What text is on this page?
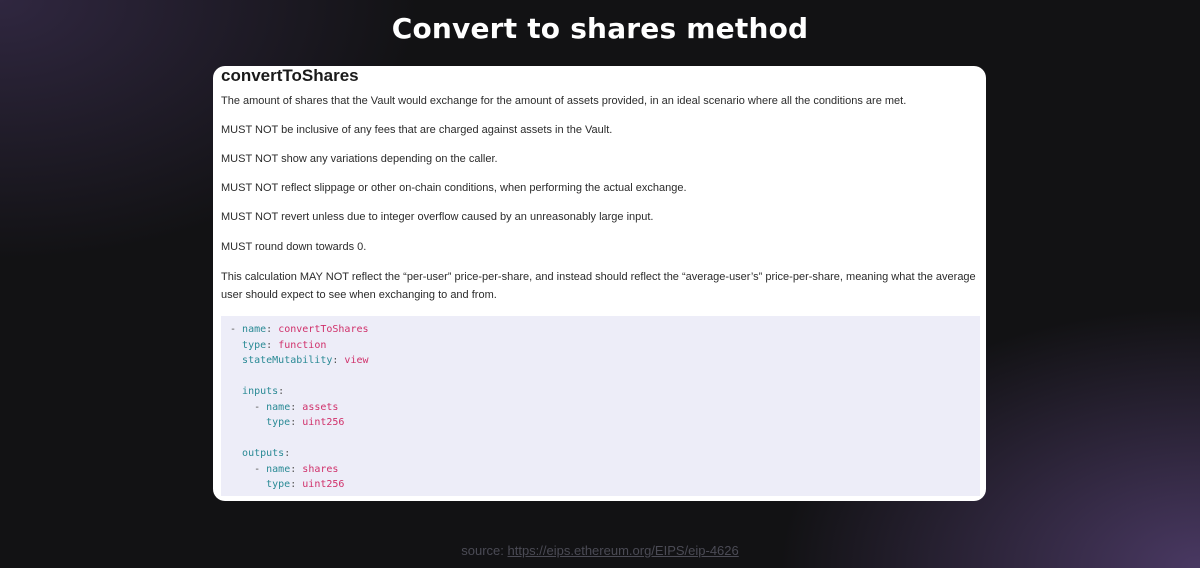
Convert to shares method
convertToShares

The amount of shares that the Vault would exchange for the amount of assets provided, in an ideal scenario where all the conditions are met.

MUST NOT be inclusive of any fees that are charged against assets in the Vault.

MUST NOT show any variations depending on the caller.

MUST NOT reflect slippage or other on-chain conditions, when performing the actual exchange.

MUST NOT revert unless due to integer overflow caused by an unreasonably large input.

MUST round down towards 0.

This calculation MAY NOT reflect the “per-user” price-per-share, and instead should reflect the “average-user’s” price-per-share, meaning what the average user should expect to see when exchanging to and from.

- name: convertToShares
type: function
stateMutability: view
inputs:
- name: assets
type: uint256
outputs:
- name: shares
type: uint256
source: https://eips.ethereum.org/EIPS/eip-4626
